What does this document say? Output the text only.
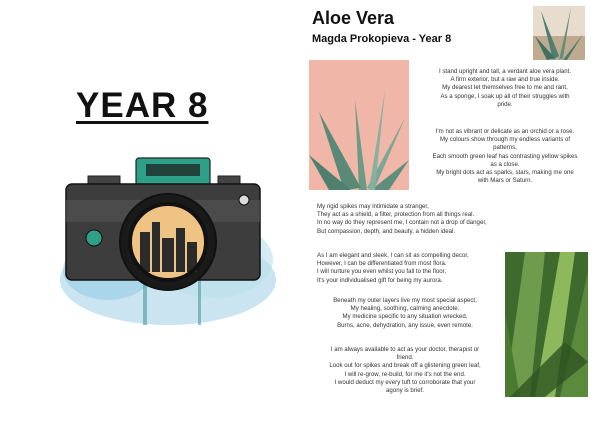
YEAR 8
Aloe Vera
Magda Prokopieva - Year 8

I stand upright and tall, a verdant aloe vera plant.

A firm exterior, but a raw and true inside.

My dearest let themselves free to me and rant,

As a sponge, I soak up all of their struggles with

pride.

I'm not as vibrant or delicate as an orchid or a rose.

My colours show through my endless variants of

patterns,

Each smooth green leaf has contrasting yellow spikes

as a close.

My bright dots act as sparks, stars, making me one

with Mars or Saturn.

My rigid spikes may intimidate a stranger,

They act as a shield, a filter, protection from all things real.

In no way do they represent me, I contain not a drop of danger,

But compassion, depth, and beauty, a hidden ideal.

As I am elegant and sleek, I can sit as compelling decor,

However, I can be differentiated from most flora.

I will nurture you even whilst you fall to the floor,

It's your individualised gift for being my aurora.

Beneath my outer layers live my most special aspect,

My healing, soothing, calming anecdote.

My medicine specific to any situation wrecked,

Burns, acne, dehydration, any issue, even remote.

I am always available to act as your doctor, therapist or

friend.

Look out for spikes and break off a glistening green leaf,

I will re-grow, re-build, for me it's not the end.

I would deduct my every tuft to corroborate that your

agony is brief.
